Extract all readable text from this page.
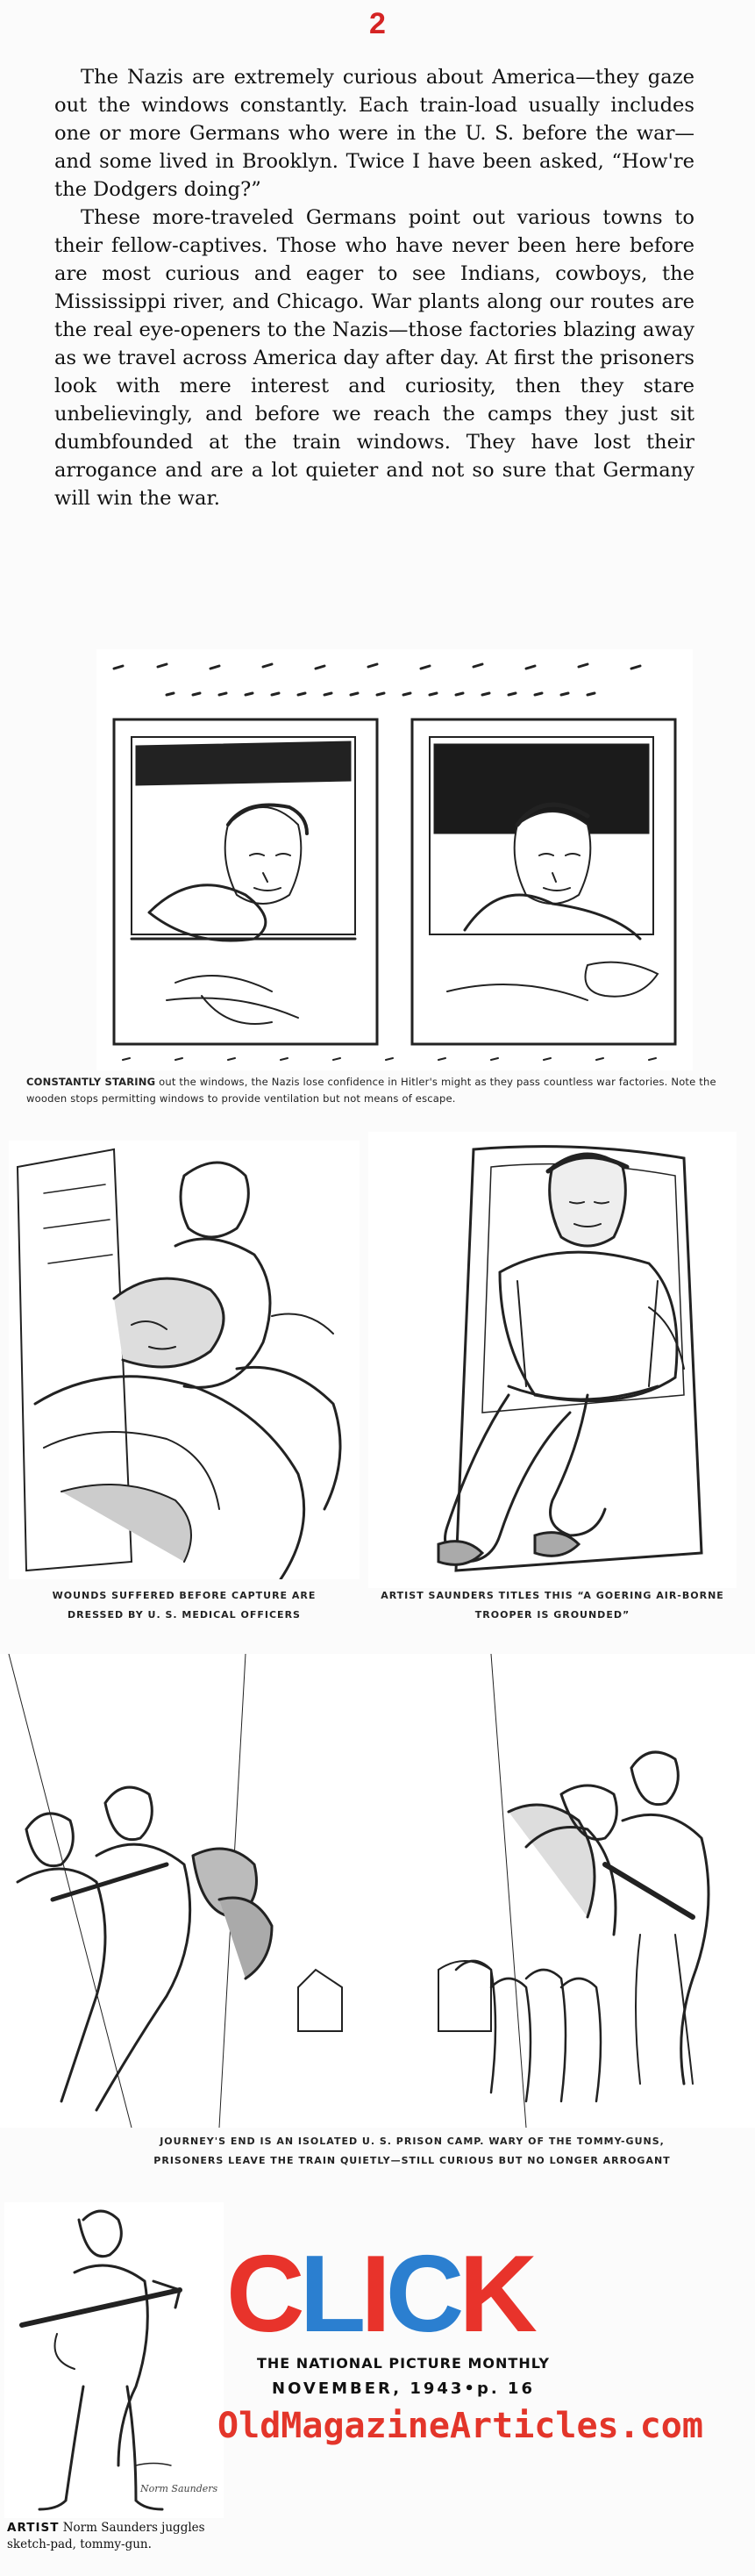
2

The Nazis are extremely curious about America—they gaze out the windows constantly. Each train-load usually includes one or more Germans who were in the U. S. before the war—and some lived in Brooklyn. Twice I have been asked, “How're the Dodgers doing?”

These more-traveled Germans point out various towns to their fellow-captives. Those who have never been here before are most curious and eager to see Indians, cowboys, the Mississippi river, and Chicago. War plants along our routes are the real eye-openers to the Nazis—those factories blazing away as we travel across America day after day. At first the prisoners look with mere interest and curiosity, then they stare unbelievingly, and before we reach the camps they just sit dumbfounded at the train windows. They have lost their arrogance and are a lot quieter and not so sure that Germany will win the war.

CONSTANTLY STARING out the windows, the Nazis lose confidence in Hitler's might as they pass countless war factories. Note the wooden stops permitting windows to provide ventilation but not means of escape.
WOUNDS SUFFERED BEFORE CAPTURE ARE
DRESSED BY U. S. MEDICAL OFFICERS
ARTIST SAUNDERS TITLES THIS “A GOERING AIR-BORNE
TROOPER IS GROUNDED”
JOURNEY'S END IS AN ISOLATED U. S. PRISON CAMP. WARY OF THE TOMMY-GUNS,
PRISONERS LEAVE THE TRAIN QUIETLY—STILL CURIOUS BUT NO LONGER ARROGANT
Norm Saunders
CLICK
THE NATIONAL PICTURE MONTHLY
NOVEMBER, 1943•p. 16
OldMagazineArticles.com
ARTIST Norm Saunders juggles sketch-pad, tommy-gun.
